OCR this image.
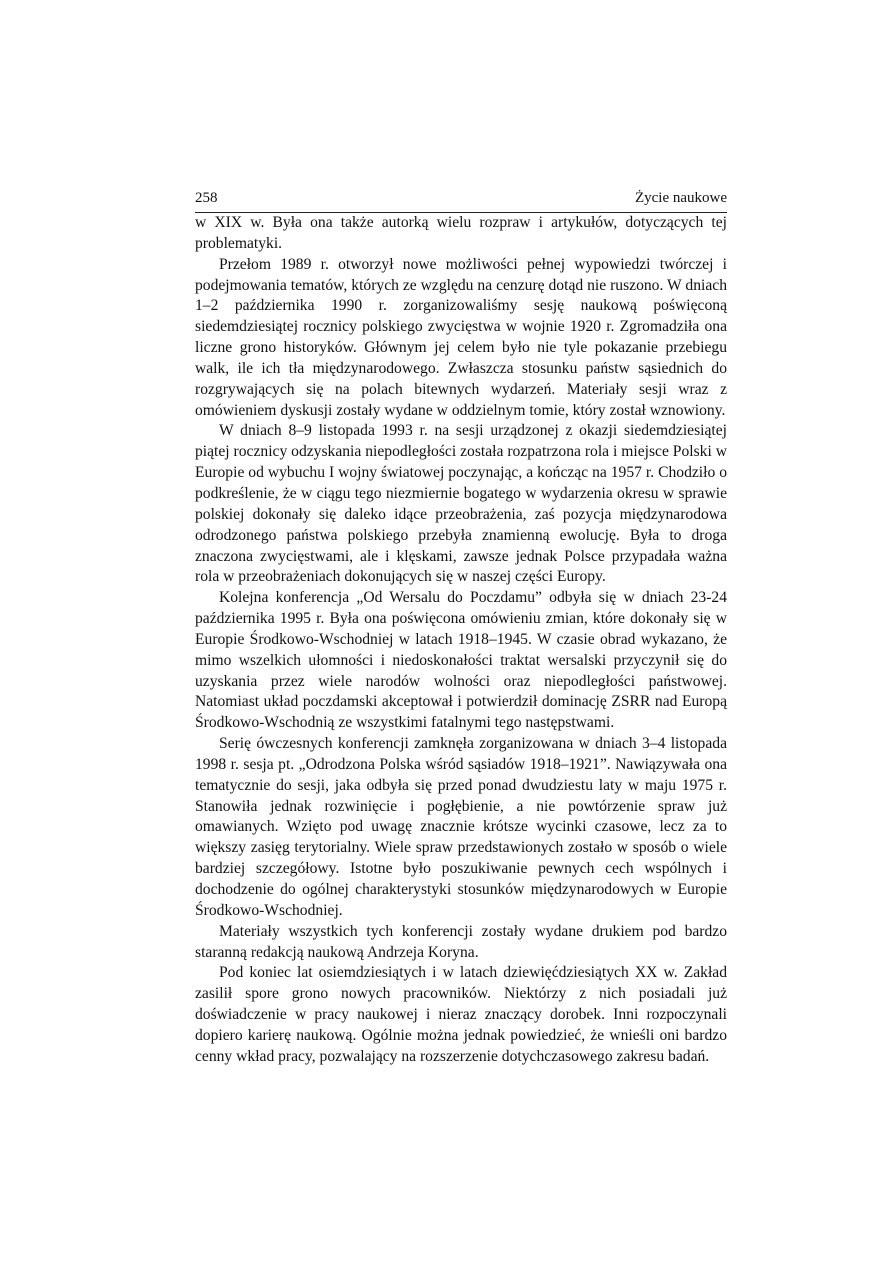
258	Życie naukowe

w XIX w. Była ona także autorką wielu rozpraw i artykułów, dotyczących tej problematyki.

Przełom 1989 r. otworzył nowe możliwości pełnej wypowiedzi twórczej i podejmowania tematów, których ze względu na cenzurę dotąd nie ruszono. W dniach 1–2 października 1990 r. zorganizowaliśmy sesję naukową poświęconą siedemdziesiątej rocznicy polskiego zwycięstwa w wojnie 1920 r. Zgromadziła ona liczne grono historyków. Głównym jej celem było nie tyle pokazanie przebiegu walk, ile ich tła międzynarodowego. Zwłaszcza stosunku państw sąsiednich do rozgrywających się na polach bitewnych wydarzeń. Materiały sesji wraz z omówieniem dyskusji zostały wydane w oddzielnym tomie, który został wznowiony.

W dniach 8–9 listopada 1993 r. na sesji urządzonej z okazji siedemdziesiątej piątej rocznicy odzyskania niepodległości została rozpatrzona rola i miejsce Polski w Europie od wybuchu I wojny światowej poczynając, a kończąc na 1957 r. Chodziło o podkreślenie, że w ciągu tego niezmiernie bogatego w wydarzenia okresu w sprawie polskiej dokonały się daleko idące przeobrażenia, zaś pozycja międzynarodowa odrodzonego państwa polskiego przebyła znamienną ewolucję. Była to droga znaczona zwycięstwami, ale i klęskami, zawsze jednak Polsce przypadała ważna rola w przeobrażeniach dokonujących się w naszej części Europy.

Kolejna konferencja „Od Wersalu do Poczdamu” odbyła się w dniach 23-24 października 1995 r. Była ona poświęcona omówieniu zmian, które dokonały się w Europie Środkowo-Wschodniej w latach 1918–1945. W czasie obrad wykazano, że mimo wszelkich ułomności i niedoskonałości traktat wersalski przyczynił się do uzyskania przez wiele narodów wolności oraz niepodległości państwowej. Natomiast układ poczdamski akceptował i potwierdził dominację ZSRR nad Europą Środkowo-Wschodnią ze wszystkimi fatalnymi tego następstwami.

Serię ówczesnych konferencji zamknęła zorganizowana w dniach 3–4 listopada 1998 r. sesja pt. „Odrodzona Polska wśród sąsiadów 1918–1921”. Nawiązywała ona tematycznie do sesji, jaka odbyła się przed ponad dwudziestu laty w maju 1975 r. Stanowiła jednak rozwinięcie i pogłębienie, a nie powtórzenie spraw już omawianych. Wzięto pod uwagę znacznie krótsze wycinki czasowe, lecz za to większy zasięg terytorialny. Wiele spraw przedstawionych zostało w sposób o wiele bardziej szczegółowy. Istotne było poszukiwanie pewnych cech wspólnych i dochodzenie do ogólnej charakterystyki stosunków międzynarodowych w Europie Środkowo-Wschodniej.

Materiały wszystkich tych konferencji zostały wydane drukiem pod bardzo staranną redakcją naukową Andrzeja Koryna.

Pod koniec lat osiemdziesiątych i w latach dziewięćdziesiątych XX w. Zakład zasilił spore grono nowych pracowników. Niektórzy z nich posiadali już doświadczenie w pracy naukowej i nieraz znaczący dorobek. Inni rozpoczynali dopiero karierę naukową. Ogólnie można jednak powiedzieć, że wnieśli oni bardzo cenny wkład pracy, pozwalający na rozszerzenie dotychczasowego zakresu badań.
